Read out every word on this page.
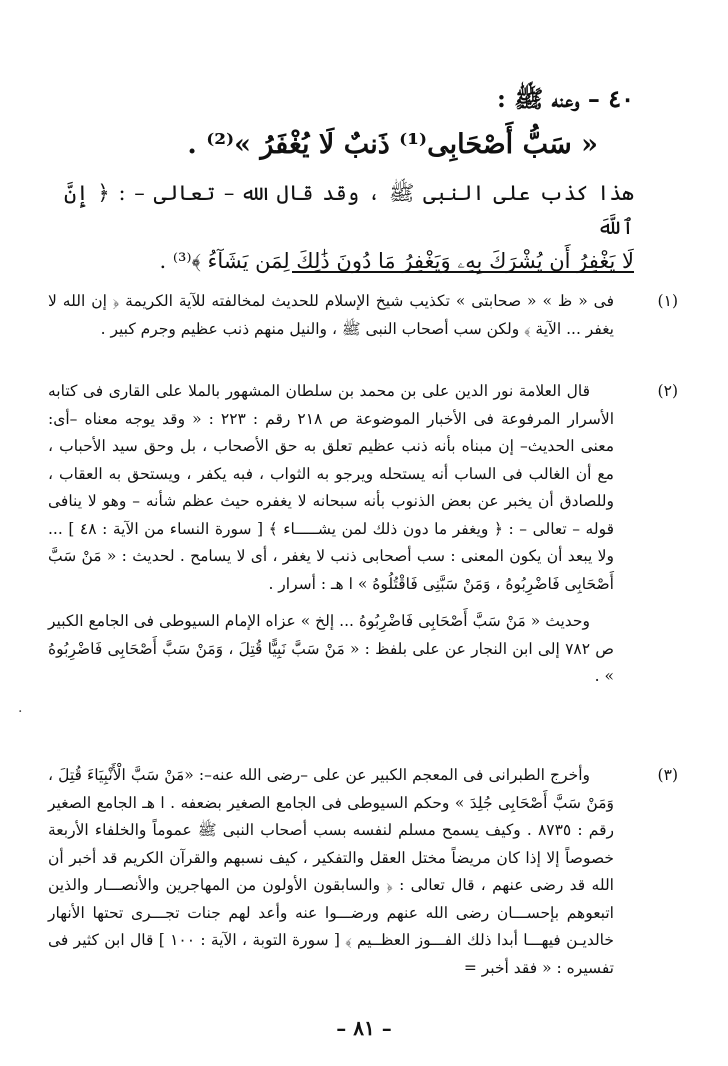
٤٠ – وعنه ﷺ :
« سَبُّ أَصْحَابِى⁽¹⁾ ذَنبٌ لَا يُغْفَرُ »⁽²⁾ .

هذا كذب على النبى ﷺ ، وقد قال الله – تعالى – : ﴿ إِنَّ ٱللَّهَ

لَا يَغْفِرُ أَن يُشْرَكَ بِهِۦ وَيَغْفِرُ مَا دُونَ ذَٰلِكَ لِمَن يَشَآءُ ﴾⁽³⁾ .

(١)

فى « ظ » « صحابتى » تكذيب شيخ الإسلام للحديث لمخالفته للآية الكريمة ﴿ إن الله لا يغفر ... الآية ﴾ ولكن سب أصحاب النبى ﷺ ، والنيل منهم ذنب عظيم وجرم كبير .

(٢)

قال العلامة نور الدين على بن محمد بن سلطان المشهور بالملا على القارى فى كتابه الأسرار المرفوعة فى الأخبار الموضوعة ص ٢١٨ رقم : ٢٢٣ : « وقد يوجه معناه –أى: معنى الحديث– إن مبناه بأنه ذنب عظيم تعلق به حق الأصحاب ، بل وحق سيد الأحباب ، مع أن الغالب فى الساب أنه يستحله ويرجو به الثواب ، فبه يكفر ، ويستحق به العقاب ، وللصادق أن يخبر عن بعض الذنوب بأنه سبحانه لا يغفره حيث عظم شأنه – وهو لا ينافى قوله – تعالى – : ﴿ ويغفر ما دون ذلك لمن يشـــــاء ﴾ [ سورة النساء من الآية : ٤٨ ] ... ولا يبعد أن يكون المعنى : سب أصحابى ذنب لا يغفر ، أى لا يسامح . لحديث : « مَنْ سَبَّ أَصْحَابِى فَاضْرِبُوهُ ، وَمَنْ سَبَّنِى فَاقْتُلُوهُ » ا هـ : أسرار .

وحديث « مَنْ سَبَّ أَصْحَابِى فَاضْرِبُوهُ ... إلخ » عزاه الإمام السيوطى فى الجامع الكبير ص ٧٨٢ إلى ابن النجار عن على بلفظ : « مَنْ سَبَّ نَبِيًّا قُتِلَ ، وَمَنْ سَبَّ أَصْحَابِى فَاضْرِبُوهُ » .

(٣)

وأخرج الطبرانى فى المعجم الكبير عن على –رضى الله عنه–: «مَنْ سَبَّ الْأَنْبِيَاءَ قُتِلَ ، وَمَنْ سَبَّ أَصْحَابِى جُلِدَ » وحكم السيوطى فى الجامع الصغير بضعفه . ا هـ الجامع الصغير رقم : ٨٧٣٥ . وكيف يسمح مسلم لنفسه بسب أصحاب النبى ﷺ عموماً والخلفاء الأربعة خصوصاً إلا إذا كان مريضاً مختل العقل والتفكير ، كيف نسبهم والقرآن الكريم قد أخبر أن الله قد رضى عنهم ، قال تعالى : ﴿ والسابقون الأولون من المهاجرين والأنصـــار والذين اتبعوهم بإحســـان رضى الله عنهم ورضـــوا عنه وأعد لهم جنات تجـــرى تحتها الأنهار خالديـن فيهـــا أبدا ذلك الفـــوز العظــيم ﴾ [ سورة التوبة ، الآية : ١٠٠ ] قال ابن كثير فى تفسيره : « فقد أخبر =

.
– ٨١ –
